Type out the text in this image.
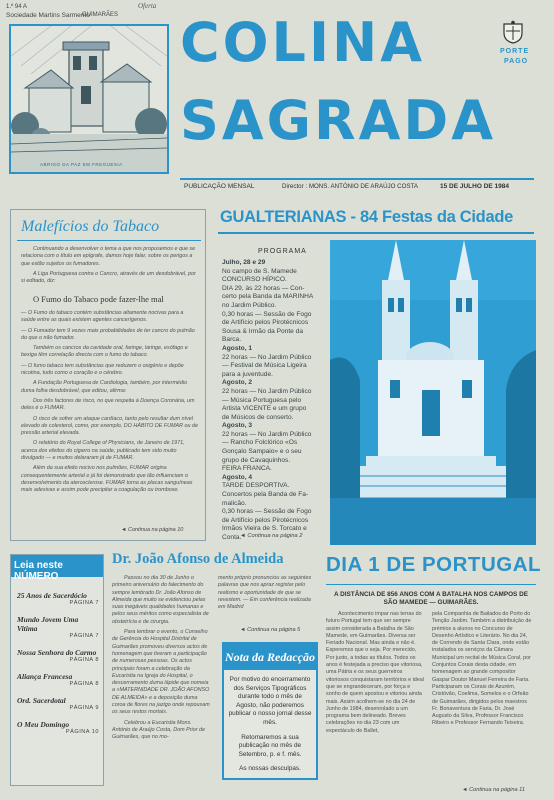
1.º 94 A
Sociedade Martins Sarmento
GUIMARÃES
Oferta
ABRIGO DA PAZ EM FREGUESIA
COLINA
SAGRADA
PORTE
PAGO
PUBLICAÇÃO MENSAL	Director : MONS. ANTÓNIO DE ARAÚJO COSTA	15 DE JULHO DE 1984
Malefícios do Tabaco

Continuando a desenvolver o tema a que nos propusemos e que se relaciona com o título em epígrafe, damos hoje falar, sobre os perigos a que estão sujeitos os fumadores.

A Liga Portuguesa contra o Cancro, através de um desdobrável, por si editado, diz:

O Fumo do Tabaco pode fazer-lhe mal

— O Fumo do tabaco contém substâncias altamente nocivas para a saúde entre as quais existem agentes cancerígenos.

— O Fumador tem 9 vezes mais probabilidades de ter cancro do pulmão do que o não fumador.

Também os cancros da cavidade oral, faringe, laringe, esófago e bexiga têm correlação directa com o fumo do tabaco.

— O fumo tabaco tem substâncias que reduzem o oxigénio e depõe nicotina, tudo como o coração e o cérebro.

A Fundação Portuguesa de Cardiologia, também, por intermédio duma folha desdobrável, que editou, afirma:

Dos três factores de risco, no que respeita à Doença Coronária, um deles é o FUMAR.

O risco de sofrer um ataque cardíaco, tanto pelo resultar dum nível elevado de colesterol, como, por exemplo, DO HÁBITO DE FUMAR ou de pressão arterial elevada.

O relatório do Royal College of Physicians, de Janeiro de 1971, acerca dos efeitos do cigarro na saúde, publicado tem sido muito divulgado — e muitos delararam já de FUMAR.

Além da sua efeito nocivo nos pulmões, FUMAR origina consequentemente arterial e já foi demonstrado que tão influenciam o desenvolvimento da aterosclerose. FUMAR torna as placas sanguíneas mais adesivas e assim pode precipitar a coagulação ou trombose.

◄ Continua na página 10
GUALTERIANAS - 84 Festas da Cidade
PROGRAMA
Julho, 28 e 29
No campo de S. Mamede
CONCURSO HÍPICO.
DIA 29, às 22 horas — Con-
certo pela Banda da MARINHA
no Jardim Público.
0,30 horas — Sessão de Fogo
de Artifício pelos Pirotécnicos
Sousa & Irmão da Ponte da
Barca.
Agosto, 1
22 horas — No Jardim Público
— Festival de Música Ligeira
para a juventude.
Agosto, 2
22 horas — No Jardim Público
— Música Portuguesa pelo
Artista VICENTE e um grupo
de Músicos de conserto.
Agosto, 3
22 horas — No Jardim Público
— Rancho Folclórico «Os
Gonçalo Sampaio» e o seu
grupo de Cavaquinhos.
FEIRA FRANCA.
Agosto, 4
TARDE DESPORTIVA.
Concertos pela Banda de Fa-
malicão.
0,30 horas — Sessão de Fogo
de Artifício pelos Pirotécnicos
Irmãos Vieira de S. Torcato e
Conta.
◄ Continua na página 2
Leia neste NÚMERO
25 Anos de Sacerdócio
PÁGINA 7
Mundo Jovem Uma Vitima
PÁGINA 7
Nossa Senhora do Carmo
PÁGINA 8
Aliança Francesa
PÁGINA 8
Ord. Sacerdotal
PÁGINA 9
O Meu Domingo
PÁGINA 10
Dr. João Afonso de Almeida

Passou no dia 30 de Junho o primeiro aniversário do falecimento do sempre lembrado Dr. João Afonso de Almeida que muito se evidenciou pelas suas inegáveis qualidades humanas e pelos seus méritos como especialista de obstetrícia e de cirurgia.

Para lembrar o evento, o Conselho de Gerência do Hospital Distrital de Guimarães promoveu diversos actos de homenagem que tiveram a participação de numerosas pessoas. Os actos principais foram a celebração da Eucaristia na Igreja do Hospital, o descerramento duma lápide que nomeia a «MATERNIDADE DR. JOÃO AFONSO DE ALMEIDA» e a deposição duma coroa de flores na jazigo onde repousam os seus restos mortais.

Celebrou a Eucaristia Mons. António de Araújo Costa, Dom Prior de Guimarães, que no mo-

mento próprio pronunciou as seguintes palavras que nos apraz registar pelo realismo e oportunidade de que se revestem. — Em conferência realizada em Madrid

◄ Continua na página 5
Nota da Redacção

Por motivo do encerramento dos Serviços Tipográficos durante todo o mês de Agosto, não poderemos publicar o nosso jornal desse mês.

Retomaremos a sua publicação no mês de Setembro, p. e f. mês.

As nossas desculpas.

DIA 1 DE PORTUGAL
A DISTÂNCIA DE 856 ANOS COM A BATALHA NOS CAMPOS DE SÃO MAMEDE — GUIMARÃES.

Acontecimento impar nas terras do futuro Portugal tem que ser sempre assim considerada a Batalha de São Mamede, em Guimarães. Diversa ser Feriado Nacional. Mas ainda e não é. Esperemos que o seja. Por merecido, Por justo, a todas as títulos. Todos os anos é festejada a preciso que vitoriosa, uma Pátria e os seus guerreiros vitoriosos conquistaram territórios e ideal que se engrandeceram, por força e sonho de quem apostou e vitoriou ainda mais. Assim acolhem-se no dia 24 de Junho de 1984, desenrolado a um programa bem delineado. Breves celebrações no dia 23 com um espectáculo de Ballet,

pela Companhia de Bailados do Porto do Tenção Jardim. Também a distribuição de prémios a alunos no Concurso de Desenho Artístico e Literário. No dia 24, de Correndo de Santa Clara, onde estão instalados os serviços da Câmara Municipal um recital de Música Coral, por Conjuntos Corais desta cidade, em homenagem ao grande compositor Gaspar Doutor Manuel Ferreira de Faria. Participaram os Corais de Azurém, Cristóvão, Coelima, Somelos e o Orfeão de Guimarães, dirigidos pelos maestros Fr. Bonaventura de Faria, Dr. José Augusto da Silva, Professor Francisco Ribeiro e Professor Fernando Teixeira.

◄ Continua na página 11
